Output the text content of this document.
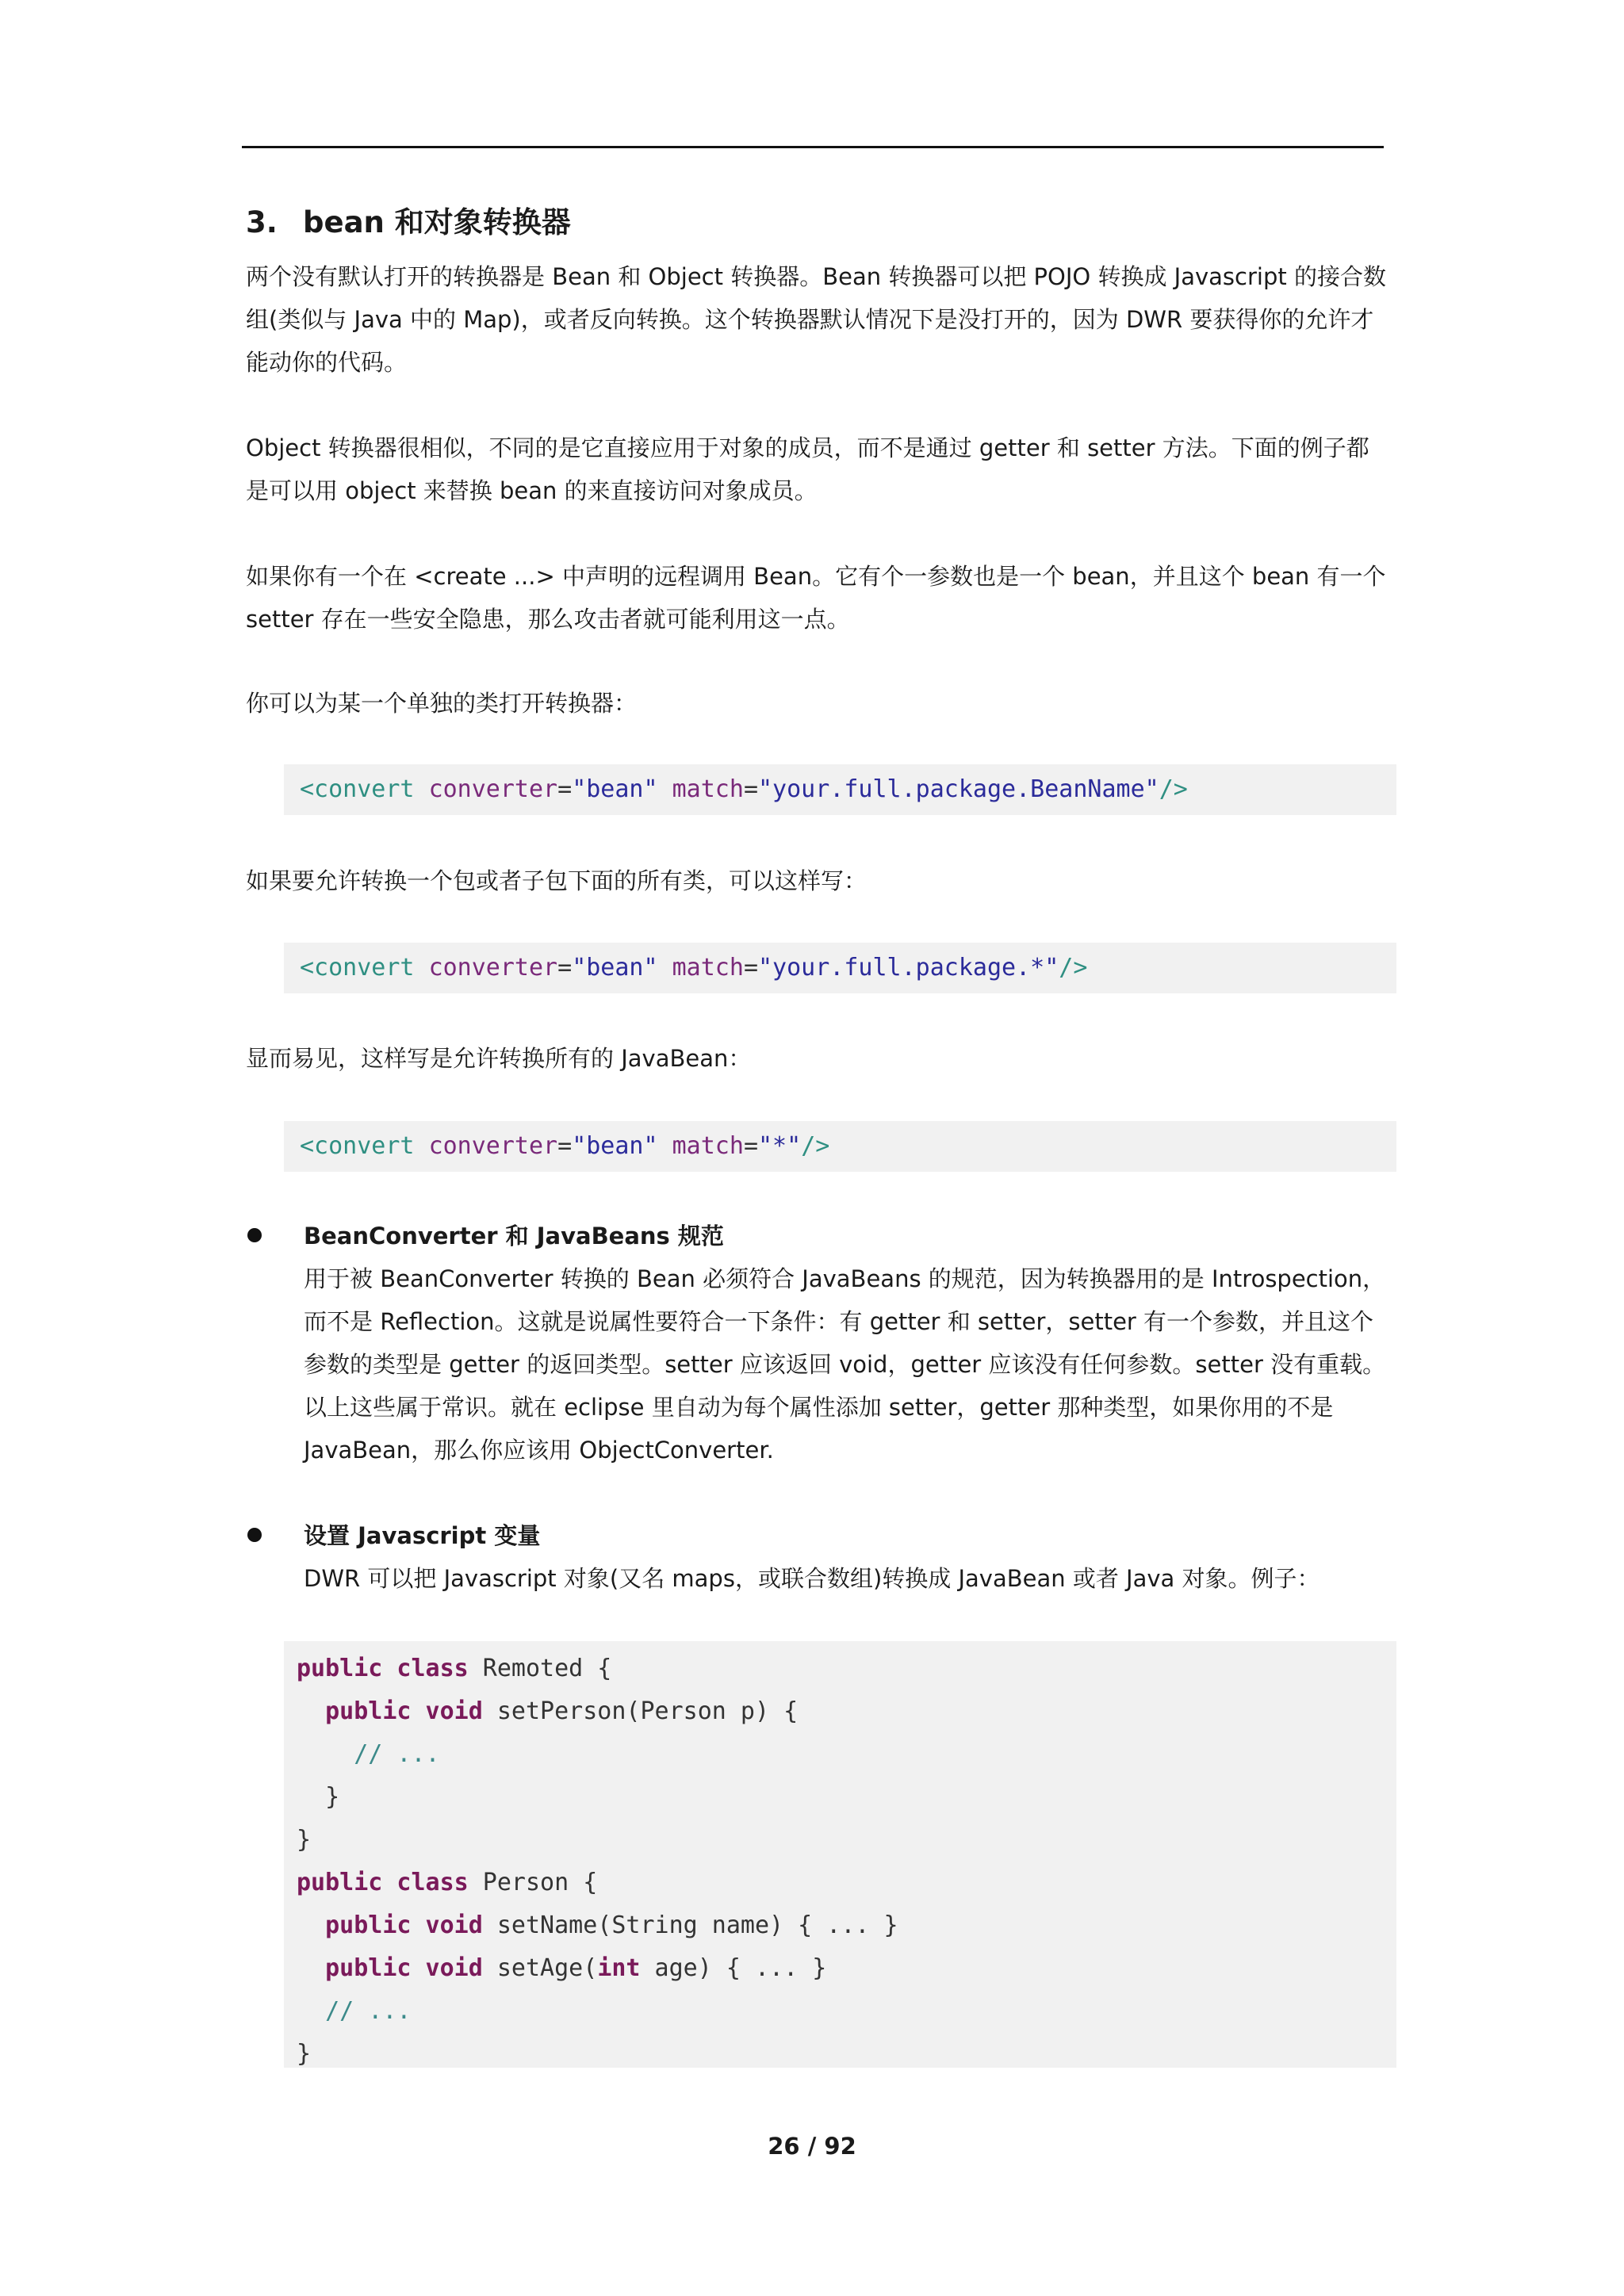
3. bean 和对象转换器

两个没有默认打开的转换器是 Bean 和 Object 转换器。Bean 转换器可以把 POJO 转换成 Javascript 的接合数组(类似与 Java 中的 Map)，或者反向转换。这个转换器默认情况下是没打开的，因为 DWR 要获得你的允许才能动你的代码。

Object 转换器很相似，不同的是它直接应用于对象的成员，而不是通过 getter 和 setter 方法。下面的例子都是可以用 object 来替换 bean 的来直接访问对象成员。

如果你有一个在 <create ...> 中声明的远程调用 Bean。它有个一参数也是一个 bean，并且这个 bean 有一个 setter 存在一些安全隐患，那么攻击者就可能利用这一点。

你可以为某一个单独的类打开转换器：

<convert converter="bean" match="your.full.package.BeanName"/>

如果要允许转换一个包或者子包下面的所有类，可以这样写：

<convert converter="bean" match="your.full.package.*"/>

显而易见，这样写是允许转换所有的 JavaBean：

<convert converter="bean" match="*"/>

BeanConverter 和 JavaBeans 规范

用于被 BeanConverter 转换的 Bean 必须符合 JavaBeans 的规范，因为转换器用的是 Introspection，而不是 Reflection。这就是说属性要符合一下条件：有 getter 和 setter，setter 有一个参数，并且这个参数的类型是 getter 的返回类型。setter 应该返回 void，getter 应该没有任何参数。setter 没有重载。以上这些属于常识。就在 eclipse 里自动为每个属性添加 setter，getter 那种类型，如果你用的不是 JavaBean，那么你应该用 ObjectConverter.

设置 Javascript 变量

DWR 可以把 Javascript 对象(又名 maps，或联合数组)转换成 JavaBean 或者 Java 对象。例子：

public class Remoted {
public void setPerson(Person p) {
// ...
}
}
public class Person {
public void setName(String name) { ... }
public void setAge(int age) { ... }
// ...
}

26 / 92
